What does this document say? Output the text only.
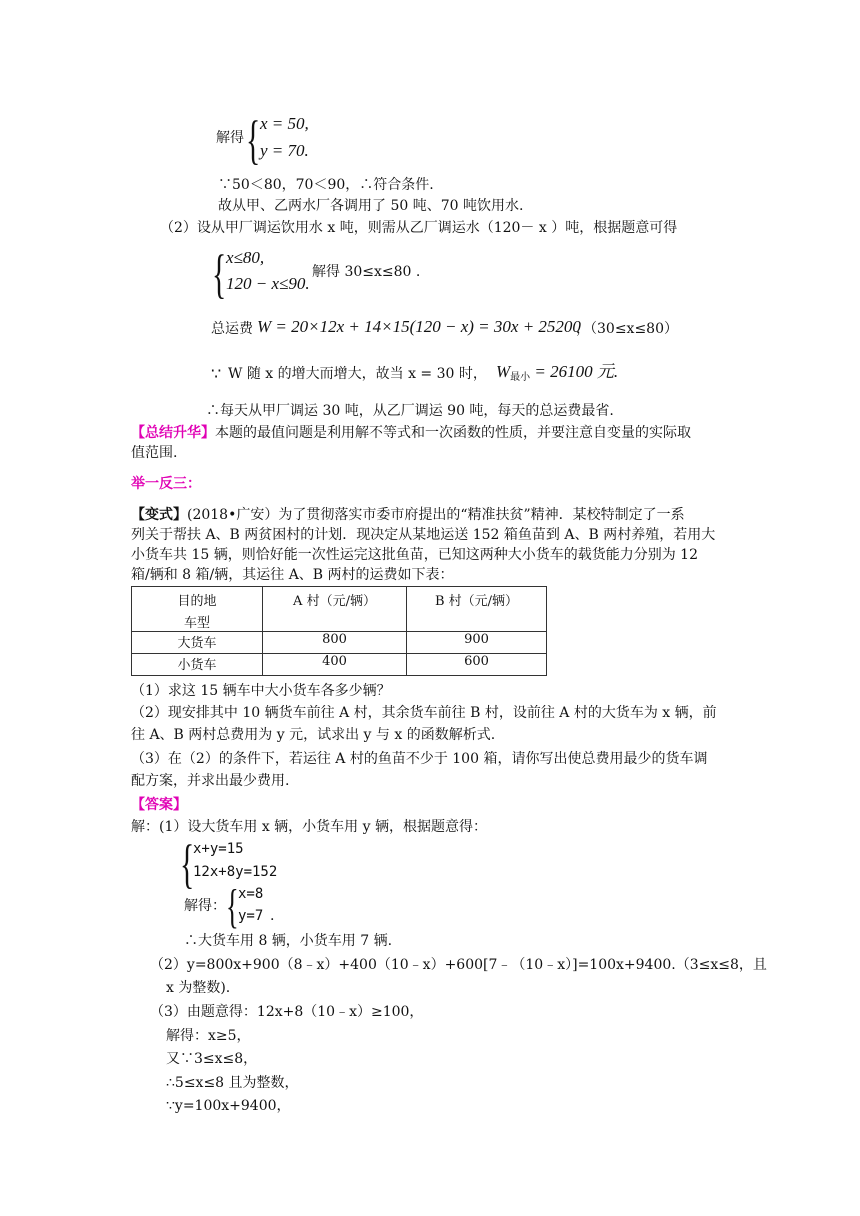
解得 { x = 50,
y = 70.
∵50＜80，70＜90，∴符合条件.
故从甲、乙两水厂各调用了 50 吨、70 吨饮用水.
（2）设从甲厂调运饮用水 x 吨，则需从乙厂调运水（120－ x ）吨，根据题意可得
{ x≤80,
120 − x≤90.
解得 30≤x≤80 .
总运费 W = 20×12x + 14×15(120 − x) = 30x + 25200
，（30≤x≤80）
∵ W 随 x 的增大而增大，故当 x = 30 时， $W_{最小} = 26100$ 元.
∴每天从甲厂调运 30 吨，从乙厂调运 90 吨，每天的总运费最省.
【总结升华】本题的最值问题是利用解不等式和一次函数的性质，并要注意自变量的实际取
值范围.
举一反三：
【变式】(2018•广安）为了贯彻落实市委市府提出的“精准扶贫”精神．某校特制定了一系
列关于帮扶 A、B 两贫困村的计划．现决定从某地运送 152 箱鱼苗到 A、B 两村养殖，若用大
小货车共 15 辆，则恰好能一次性运完这批鱼苗，已知这两种大小货车的载货能力分别为 12
箱/辆和 8 箱/辆，其运往 A、B 两村的运费如下表：
目的地
车型	A 村（元/辆）	B 村（元/辆）

大货车	800	900
小货车	400	600
（1）求这 15 辆车中大小货车各多少辆？
（2）现安排其中 10 辆货车前往 A 村，其余货车前往 B 村，设前往 A 村的大货车为 x 辆，前
往 A、B 两村总费用为 y 元，试求出 y 与 x 的函数解析式.
（3）在（2）的条件下，若运往 A 村的鱼苗不少于 100 箱，请你写出使总费用最少的货车调
配方案，并求出最少费用.
【答案】
解：(1）设大货车用 x 辆，小货车用 y 辆，根据题意得：
{
x+y=15
12x+8y=152
解得： { x=8
y=7 .
∴大货车用 8 辆，小货车用 7 辆.
（2）y=800x+900（8﹣x）+400（10﹣x）+600[7﹣（10﹣x）]=100x+9400.（3≤x≤8，且
x 为整数).
（3）由题意得：12x+8（10﹣x）≥100，
解得：x≥5，
又∵3≤x≤8，
∴5≤x≤8 且为整数，
∵y=100x+9400，
